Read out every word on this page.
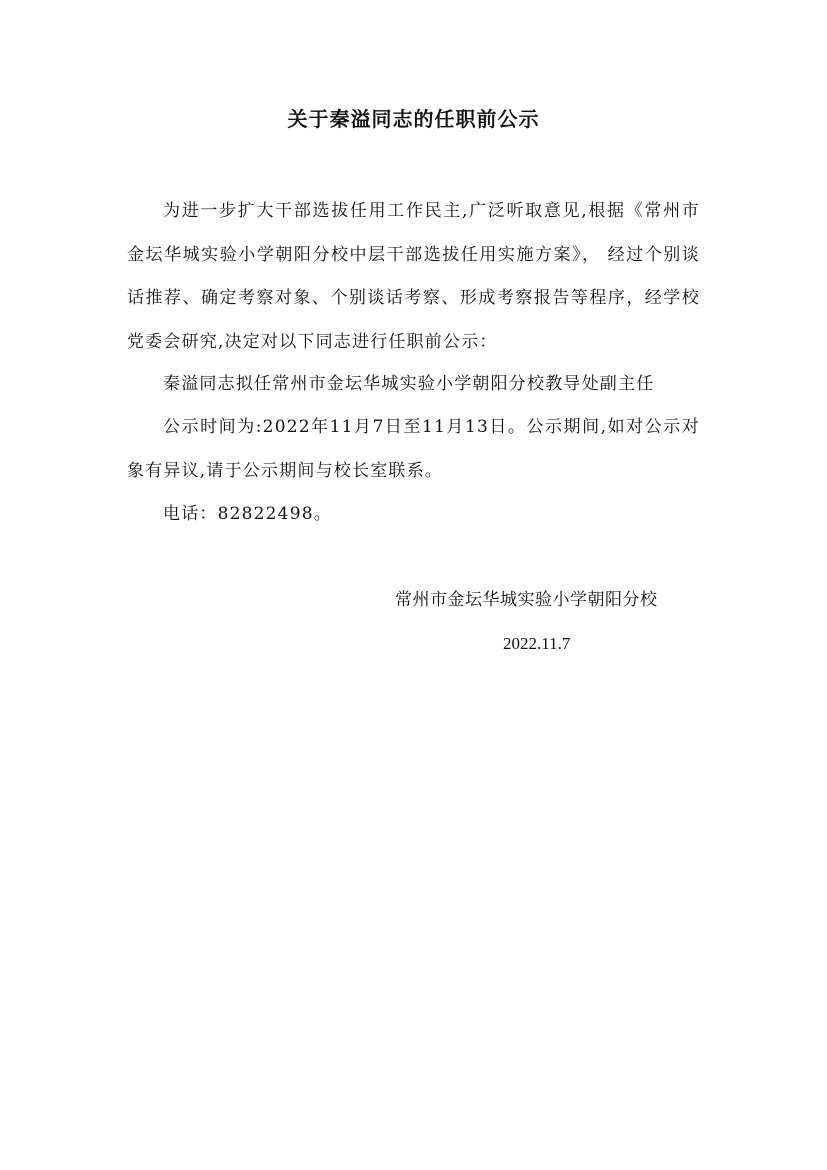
关于秦溢同志的任职前公示

为进一步扩大干部选拔任用工作民主,广泛听取意见,根据《常州市金坛华城实验小学朝阳分校中层干部选拔任用实施方案》， 经过个别谈话推荐、确定考察对象、个别谈话考察、形成考察报告等程序，经学校党委会研究,决定对以下同志进行任职前公示：

秦溢同志拟任常州市金坛华城实验小学朝阳分校教导处副主任

公示时间为:2022年11月7日至11月13日。公示期间,如对公示对象有异议,请于公示期间与校长室联系。

电话：82822498。

常州市金坛华城实验小学朝阳分校
2022.11.7
